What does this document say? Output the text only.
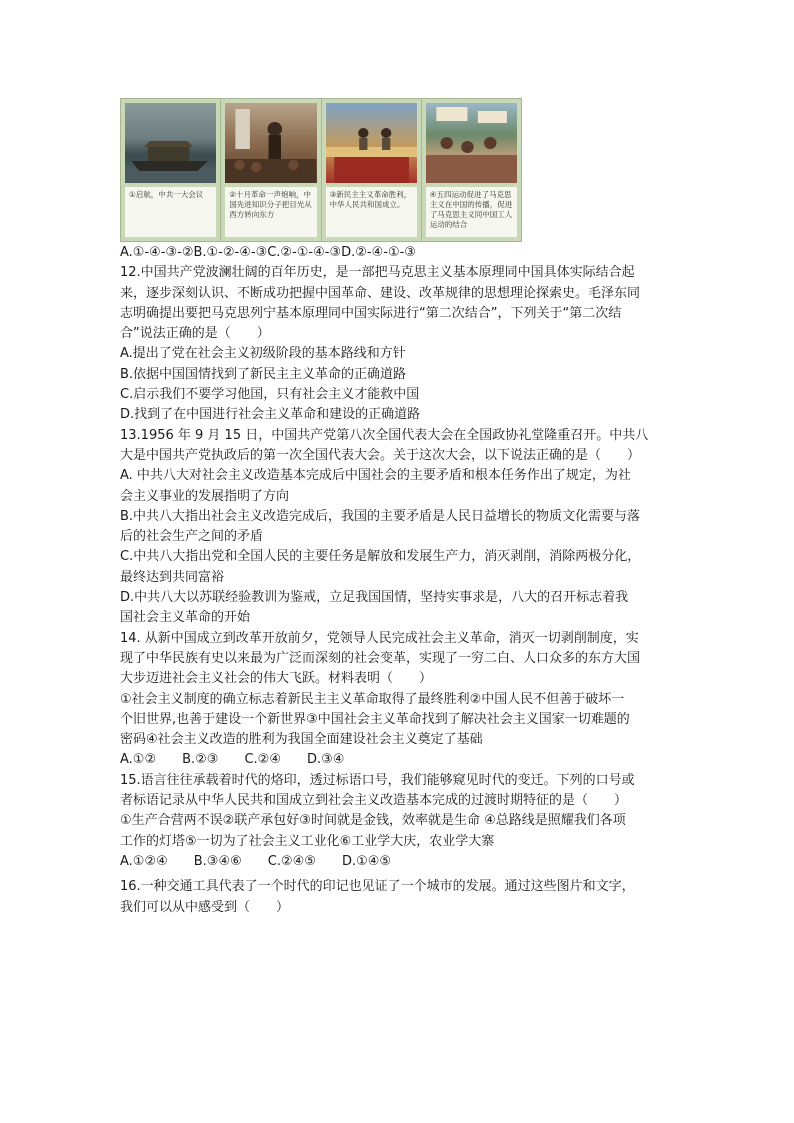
①启航，中共一大会议	②十月革命一声炮响，中国先进知识分子把目光从西方转向东方
③新民主主义革命胜利，中华人民共和国成立。
④五四运动促进了马克思主义在中国的传播，促进了马克思主义同中国工人运动的结合
A.①-④-③-②B.①-②-④-③C.②-①-④-③D.②-④-①-③
12.中国共产党波澜壮阔的百年历史，是一部把马克思主义基本原理同中国具体实际结合起
来，逐步深刻认识、不断成功把握中国革命、建设、改革规律的思想理论探索史。毛泽东同
志明确提出要把马克思列宁基本原理同中国实际进行“第二次结合”，下列关于“第二次结
合”说法正确的是（　　）
A.提出了党在社会主义初级阶段的基本路线和方针
B.依据中国国情找到了新民主主义革命的正确道路
C.启示我们不要学习他国，只有社会主义才能救中国
D.找到了在中国进行社会主义革命和建设的正确道路
13.1956 年 9 月 15 日，中国共产党第八次全国代表大会在全国政协礼堂隆重召开。中共八
大是中国共产党执政后的第一次全国代表大会。关于这次大会，以下说法正确的是（　　）
A. 中共八大对社会主义改造基本完成后中国社会的主要矛盾和根本任务作出了规定，为社
会主义事业的发展指明了方向
B.中共八大指出社会主义改造完成后，我国的主要矛盾是人民日益增长的物质文化需要与落
后的社会生产之间的矛盾
C.中共八大指出党和全国人民的主要任务是解放和发展生产力，消灭剥削，消除两极分化，
最终达到共同富裕
D.中共八大以苏联经验教训为鉴戒，立足我国国情，坚持实事求是，八大的召开标志着我
国社会主义革命的开始
14. 从新中国成立到改革开放前夕，党领导人民完成社会主义革命，消灭一切剥削制度，实
现了中华民族有史以来最为广泛而深刻的社会变革，实现了一穷二白、人口众多的东方大国
大步迈进社会主义社会的伟大飞跃。材料表明（　　）
①社会主义制度的确立标志着新民主主义革命取得了最终胜利②中国人民不但善于破坏一
个旧世界,也善于建设一个新世界③中国社会主义革命找到了解决社会主义国家一切难题的
密码④社会主义改造的胜利为我国全面建设社会主义奠定了基础
A.①②　　B.②③　　C.②④　　D.③④
15.语言往往承载着时代的烙印，透过标语口号，我们能够窥见时代的变迁。下列的口号或
者标语记录从中华人民共和国成立到社会主义改造基本完成的过渡时期特征的是（　　）
①生产合营两不误②联产承包好③时间就是金钱，效率就是生命 ④总路线是照耀我们各项
工作的灯塔⑤一切为了社会主义工业化⑥工业学大庆，农业学大寨
A.①②④　　B.③④⑥　　C.②④⑤　　D.①④⑤
16.一种交通工具代表了一个时代的印记也见证了一个城市的发展。通过这些图片和文字，
我们可以从中感受到（　　）
